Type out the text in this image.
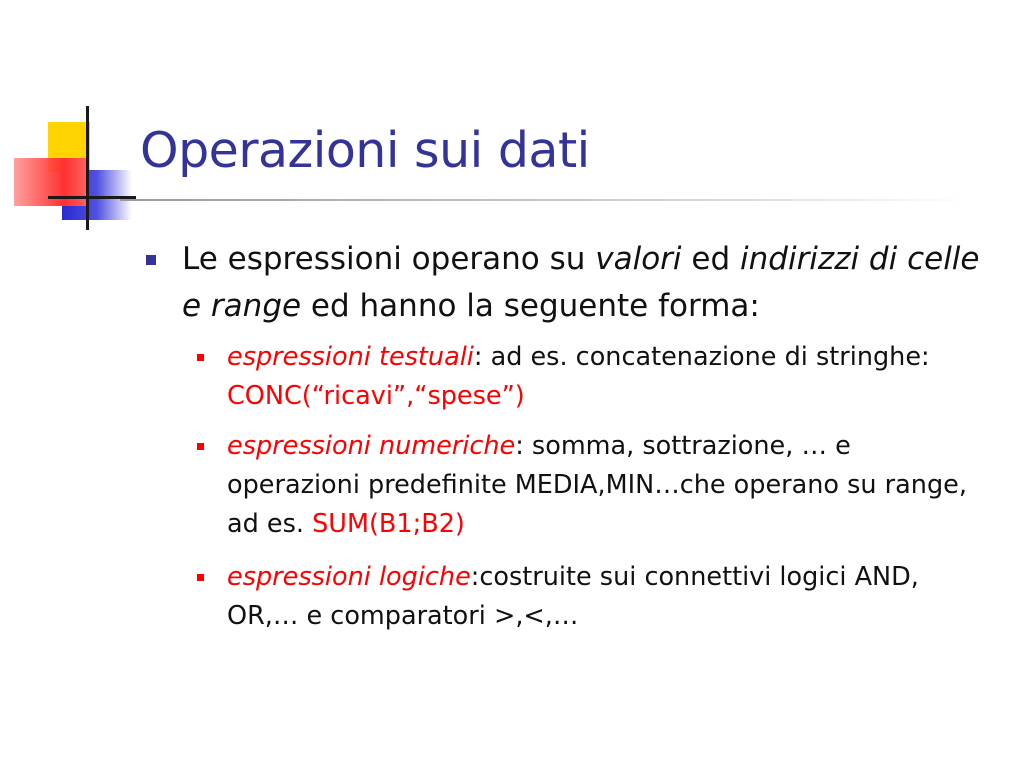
Operazioni sui dati
Le espressioni operano su valori ed indirizzi di celle e range ed hanno la seguente forma:
espressioni testuali: ad es. concatenazione di stringhe: CONC(“ricavi”,“spese”)
espressioni numeriche: somma, sottrazione, … e operazioni predefinite MEDIA,MIN…che operano su range, ad es. SUM(B1;B2)
espressioni logiche:costruite sui connettivi logici AND, OR,… e comparatori >,<,…
